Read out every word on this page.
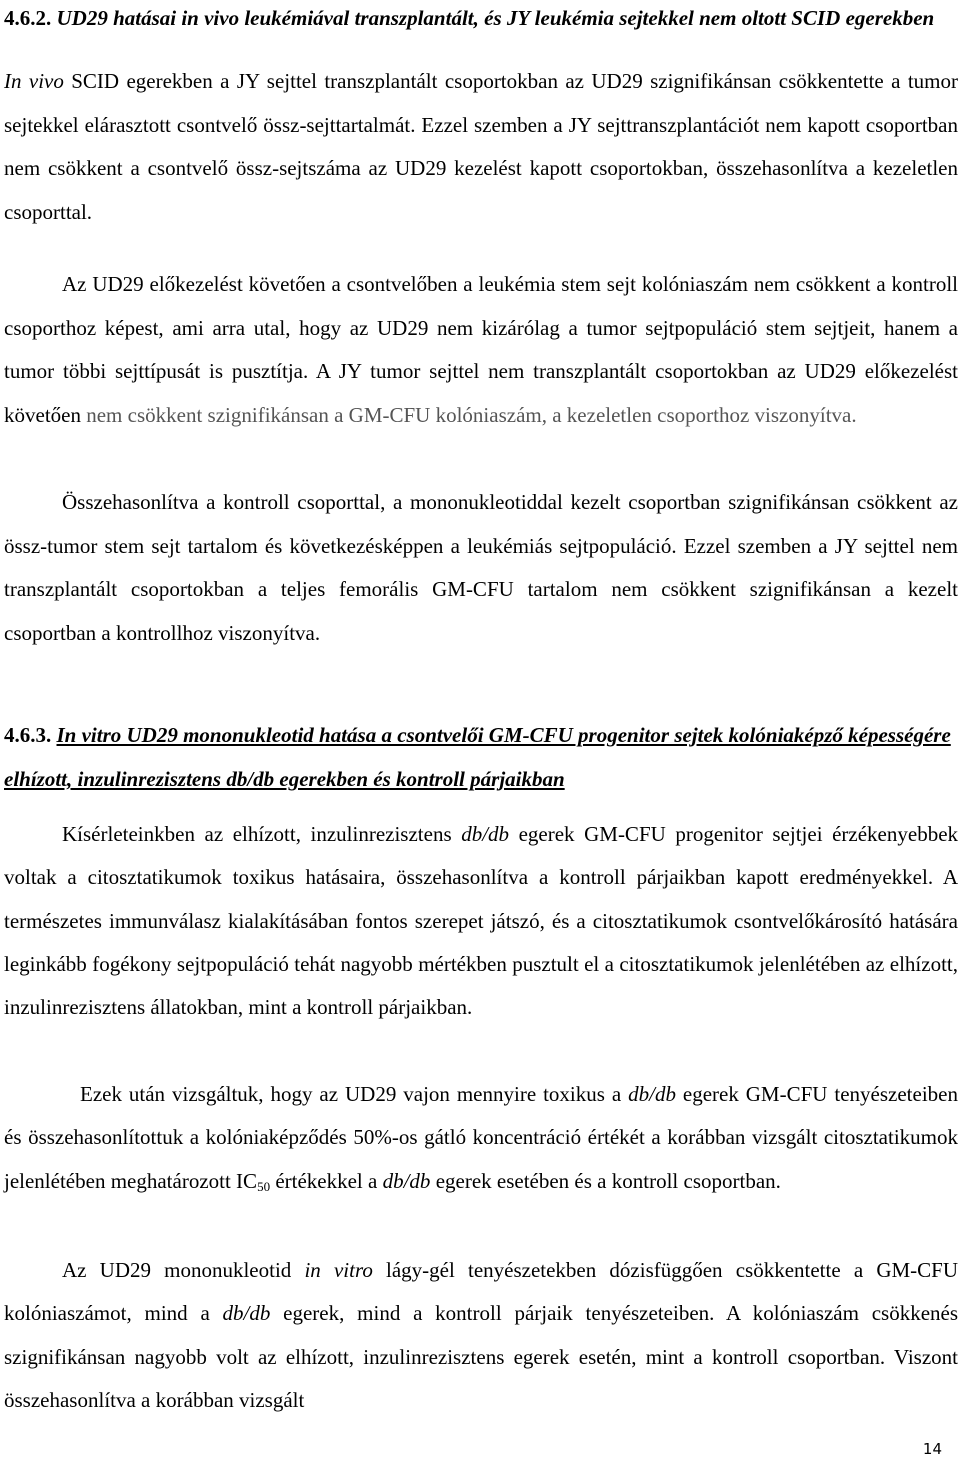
4.6.2. UD29 hatásai in vivo leukémiával transzplantált, és JY leukémia sejtekkel nem oltott SCID egerekben
In vivo SCID egerekben a JY sejttel transzplantált csoportokban az UD29 szignifikánsan csökkentette a tumor sejtekkel elárasztott csontvelő össz-sejttartalmát. Ezzel szemben a JY sejttranszplantációt nem kapott csoportban nem csökkent a csontvelő össz-sejtszáma az UD29 kezelést kapott csoportokban, összehasonlítva a kezeletlen csoporttal.
Az UD29 előkezelést követően a csontvelőben a leukémia stem sejt kolóniaszám nem csökkent a kontroll csoporthoz képest, ami arra utal, hogy az UD29 nem kizárólag a tumor sejtpopuláció stem sejtjeit, hanem a tumor többi sejttípusát is pusztítja. A JY tumor sejttel nem transzplantált csoportokban az UD29 előkezelést követően nem csökkent szignifikánsan a GM-CFU kolóniaszám, a kezeletlen csoporthoz viszonyítva.
Összehasonlítva a kontroll csoporttal, a mononukleotiddal kezelt csoportban szignifikánsan csökkent az össz-tumor stem sejt tartalom és következésképpen a leukémiás sejtpopuláció. Ezzel szemben a JY sejttel nem transzplantált csoportokban a teljes femorális GM-CFU tartalom nem csökkent szignifikánsan a kezelt csoportban a kontrollhoz viszonyítva.
4.6.3. In vitro UD29 mononukleotid hatása a csontvelői GM-CFU progenitor sejtek kolóniaképző képességére elhízott, inzulinrezisztens db/db egerekben és kontroll párjaikban
Kísérleteinkben az elhízott, inzulinrezisztens db/db egerek GM-CFU progenitor sejtjei érzékenyebbek voltak a citosztatikumok toxikus hatásaira, összehasonlítva a kontroll párjaikban kapott eredményekkel. A természetes immunválasz kialakításában fontos szerepet játszó, és a citosztatikumok csontvelőkárosító hatására leginkább fogékony sejtpopuláció tehát nagyobb mértékben pusztult el a citosztatikumok jelenlétében az elhízott, inzulinrezisztens állatokban, mint a kontroll párjaikban.
Ezek után vizsgáltuk, hogy az UD29 vajon mennyire toxikus a db/db egerek GM-CFU tenyészeteiben és összehasonlítottuk a kolóniaképződés 50%-os gátló koncentráció értékét a korábban vizsgált citosztatikumok jelenlétében meghatározott $IC_{50}$ értékekkel a db/db egerek esetében és a kontroll csoportban.
Az UD29 mononukleotid in vitro lágy-gél tenyészetekben dózisfüggően csökkentette a GM-CFU kolóniaszámot, mind a db/db egerek, mind a kontroll párjaik tenyészeteiben. A kolóniaszám csökkenés szignifikánsan nagyobb volt az elhízott, inzulinrezisztens egerek esetén, mint a kontroll csoportban. Viszont összehasonlítva a korábban vizsgált
14
